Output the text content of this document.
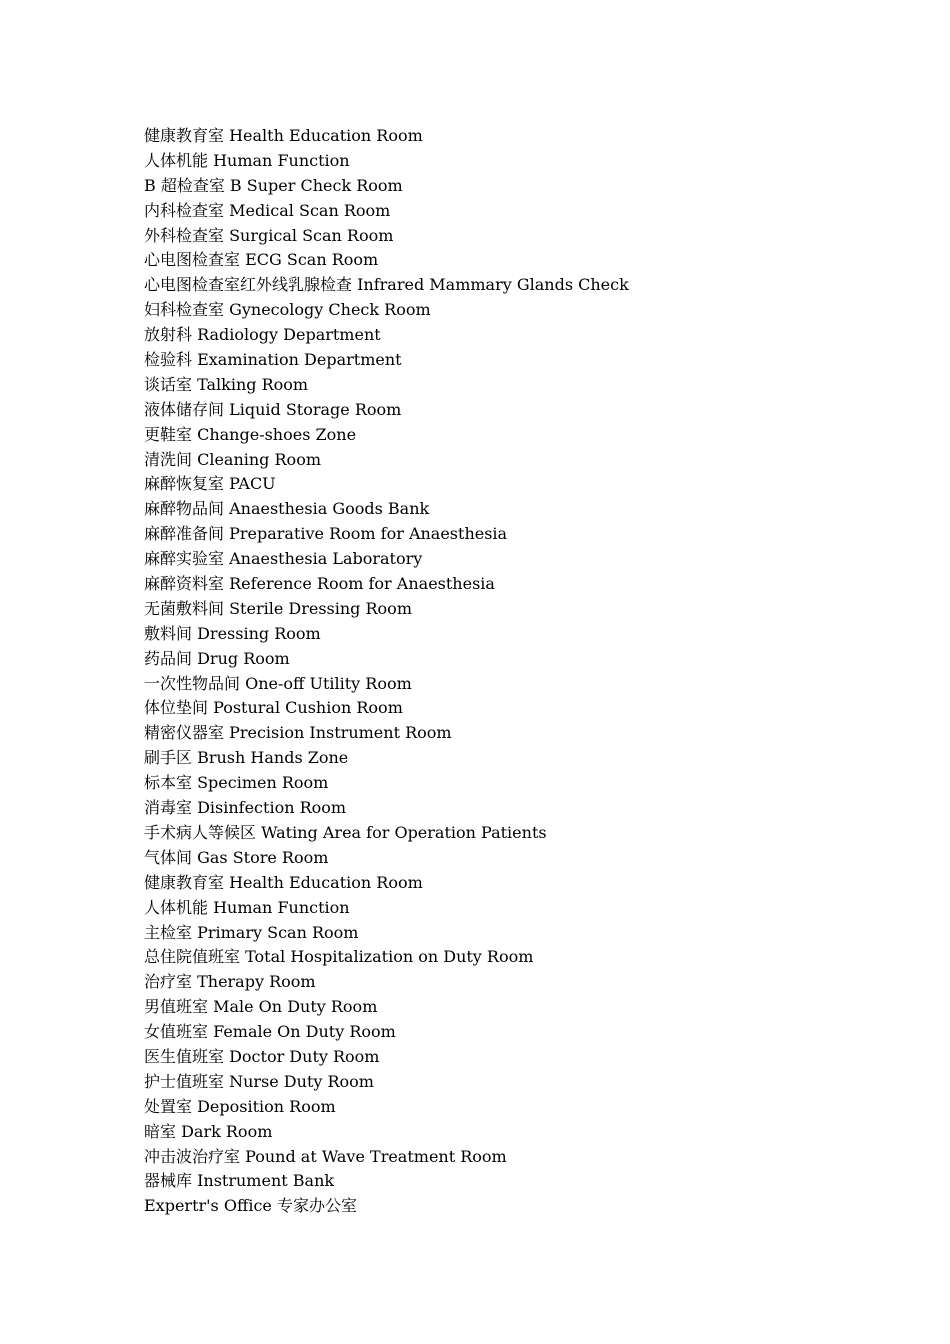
健康教育室 Health Education Room
人体机能 Human Function
B 超检查室 B Super Check Room
内科检查室 Medical Scan Room
外科检查室 Surgical Scan Room
心电图检查室 ECG Scan Room
心电图检查室红外线乳腺检查 Infrared Mammary Glands Check
妇科检查室 Gynecology Check Room
放射科 Radiology Department
检验科 Examination Department
谈话室 Talking Room
液体储存间 Liquid Storage Room
更鞋室 Change-shoes Zone
清洗间 Cleaning Room
麻醉恢复室 PACU
麻醉物品间 Anaesthesia Goods Bank
麻醉准备间 Preparative Room for Anaesthesia
麻醉实验室 Anaesthesia Laboratory
麻醉资料室 Reference Room for Anaesthesia
无菌敷料间 Sterile Dressing Room
敷料间 Dressing Room
药品间 Drug Room
一次性物品间 One-off Utility Room
体位垫间 Postural Cushion Room
精密仪器室 Precision Instrument Room
刷手区 Brush Hands Zone
标本室 Specimen Room
消毒室 Disinfection Room
手术病人等候区 Wating Area for Operation Patients
气体间 Gas Store Room
健康教育室 Health Education Room
人体机能 Human Function
主检室 Primary Scan Room
总住院值班室 Total Hospitalization on Duty Room
治疗室 Therapy Room
男值班室 Male On Duty Room
女值班室 Female On Duty Room
医生值班室 Doctor Duty Room
护士值班室 Nurse Duty Room
处置室 Deposition Room
暗室 Dark Room
冲击波治疗室 Pound at Wave Treatment Room
器械库 Instrument Bank
Expertr's Office 专家办公室
